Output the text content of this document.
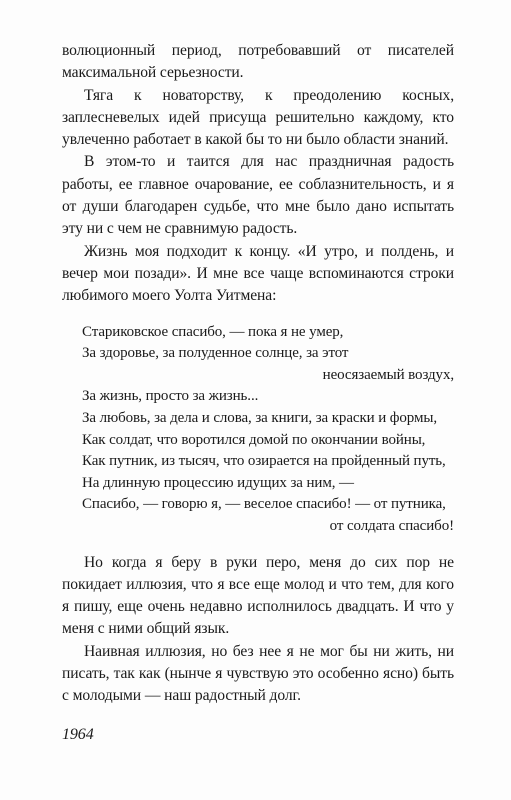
волюционный период, потребовавший от писателей максимальной серьезности.

Тяга к новаторству, к преодолению косных, заплесневелых идей присуща решительно каждому, кто увлеченно работает в какой бы то ни было области знаний.

В этом-то и таится для нас праздничная радость работы, ее главное очарование, ее соблазнительность, и я от души благодарен судьбе, что мне было дано испытать эту ни с чем не сравнимую радость.

Жизнь моя подходит к концу. «И утро, и полдень, и вечер мои позади». И мне все чаще вспоминаются строки любимого моего Уолта Уитмена:

Стариковское спасибо, — пока я не умер,
За здоровье, за полуденное солнце, за этот
неосязаемый воздух,
За жизнь, просто за жизнь...
За любовь, за дела и слова, за книги, за краски и формы,
Как солдат, что воротился домой по окончании войны,
Как путник, из тысяч, что озирается на пройденный путь,
На длинную процессию идущих за ним, —
Спасибо, — говорю я, — веселое спасибо! — от путника,
от солдата спасибо!

Но когда я беру в руки перо, меня до сих пор не покидает иллюзия, что я все еще молод и что тем, для кого я пишу, еще очень недавно исполнилось двадцать. И что у меня с ними общий язык.

Наивная иллюзия, но без нее я не мог бы ни жить, ни писать, так как (нынче я чувствую это особенно ясно) быть с молодыми — наш радостный долг.

1964
